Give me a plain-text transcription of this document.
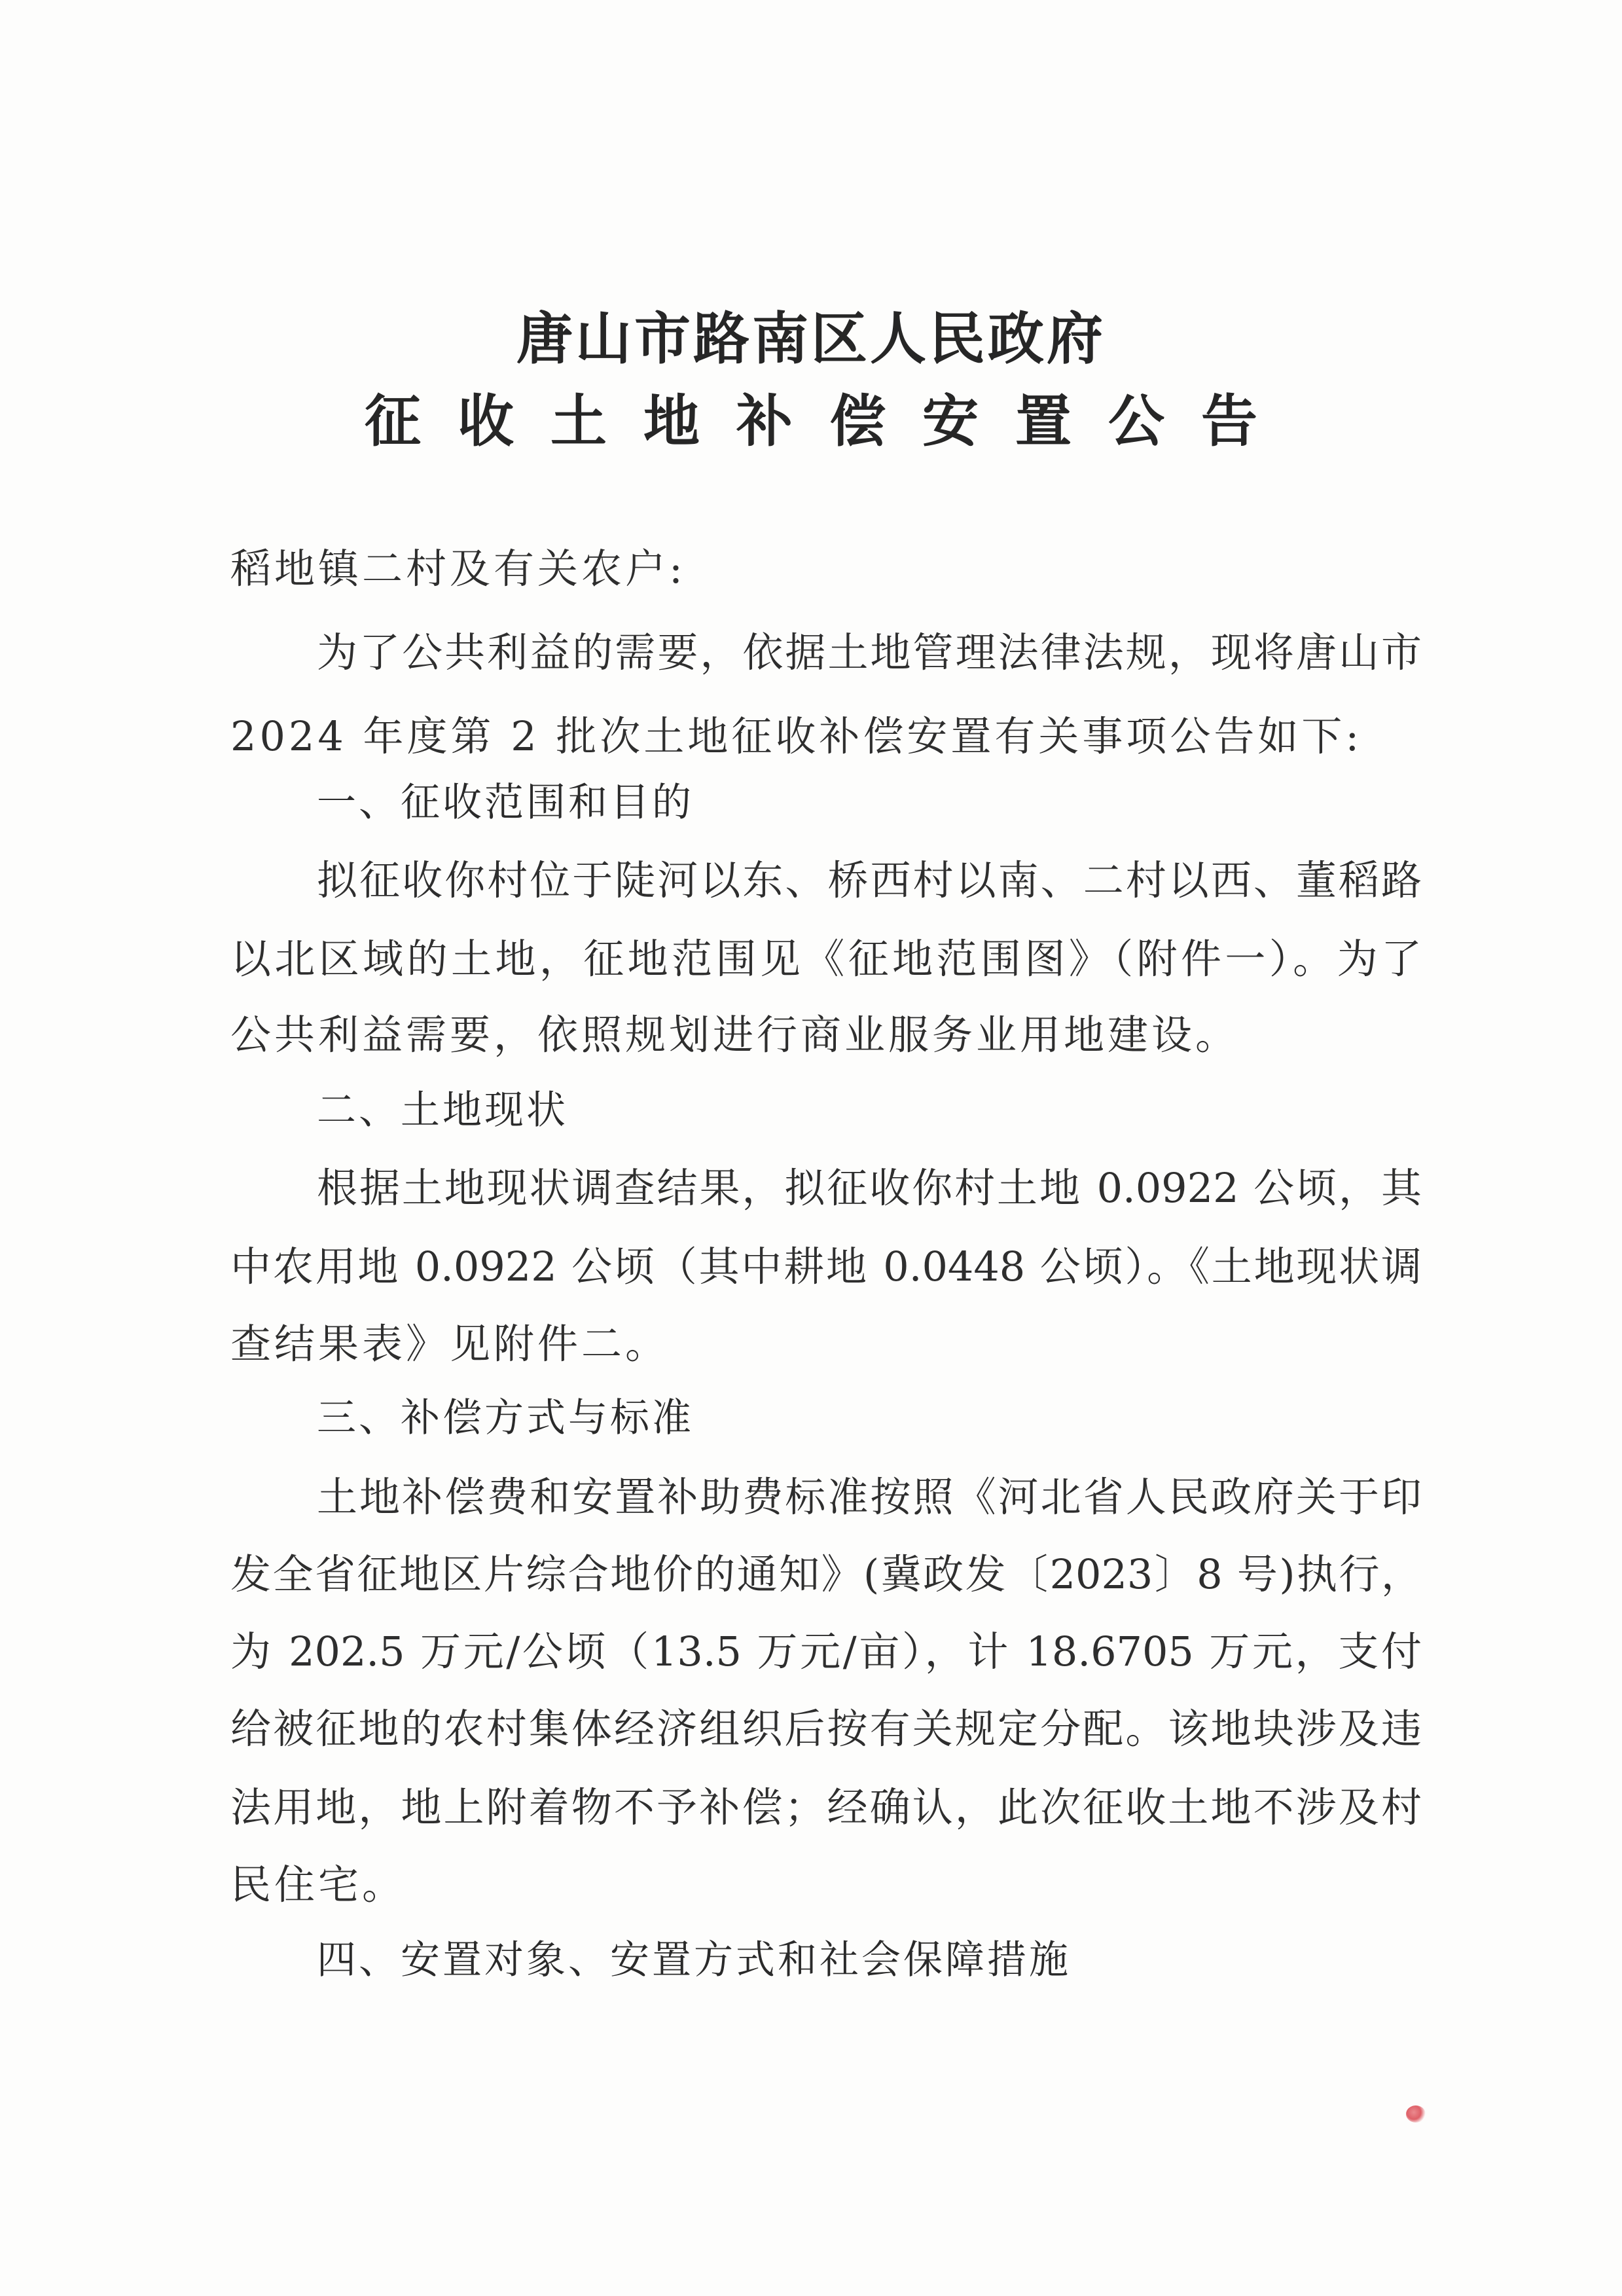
唐山市路南区人民政府
征收土地补偿安置公告
稻地镇二村及有关农户:
为了公共利益的需要，依据土地管理法律法规，现将唐山市
2024 年度第 2 批次土地征收补偿安置有关事项公告如下:
一、征收范围和目的
拟征收你村位于陡河以东、桥西村以南、二村以西、董稻路
以北区域的土地，征地范围见《征地范围图》（附件一）。为了
公共利益需要，依照规划进行商业服务业用地建设。
二、土地现状
根据土地现状调查结果，拟征收你村土地 0.0922 公顷，其
中农用地 0.0922 公顷（其中耕地 0.0448 公顷）。《土地现状调
查结果表》见附件二。
三、补偿方式与标准
土地补偿费和安置补助费标准按照《河北省人民政府关于印
发全省征地区片综合地价的通知》(冀政发〔2023〕8 号)执行，
为 202.5 万元/公顷（13.5 万元/亩），计 18.6705 万元，支付
给被征地的农村集体经济组织后按有关规定分配。该地块涉及违
法用地，地上附着物不予补偿；经确认，此次征收土地不涉及村
民住宅。
四、安置对象、安置方式和社会保障措施
